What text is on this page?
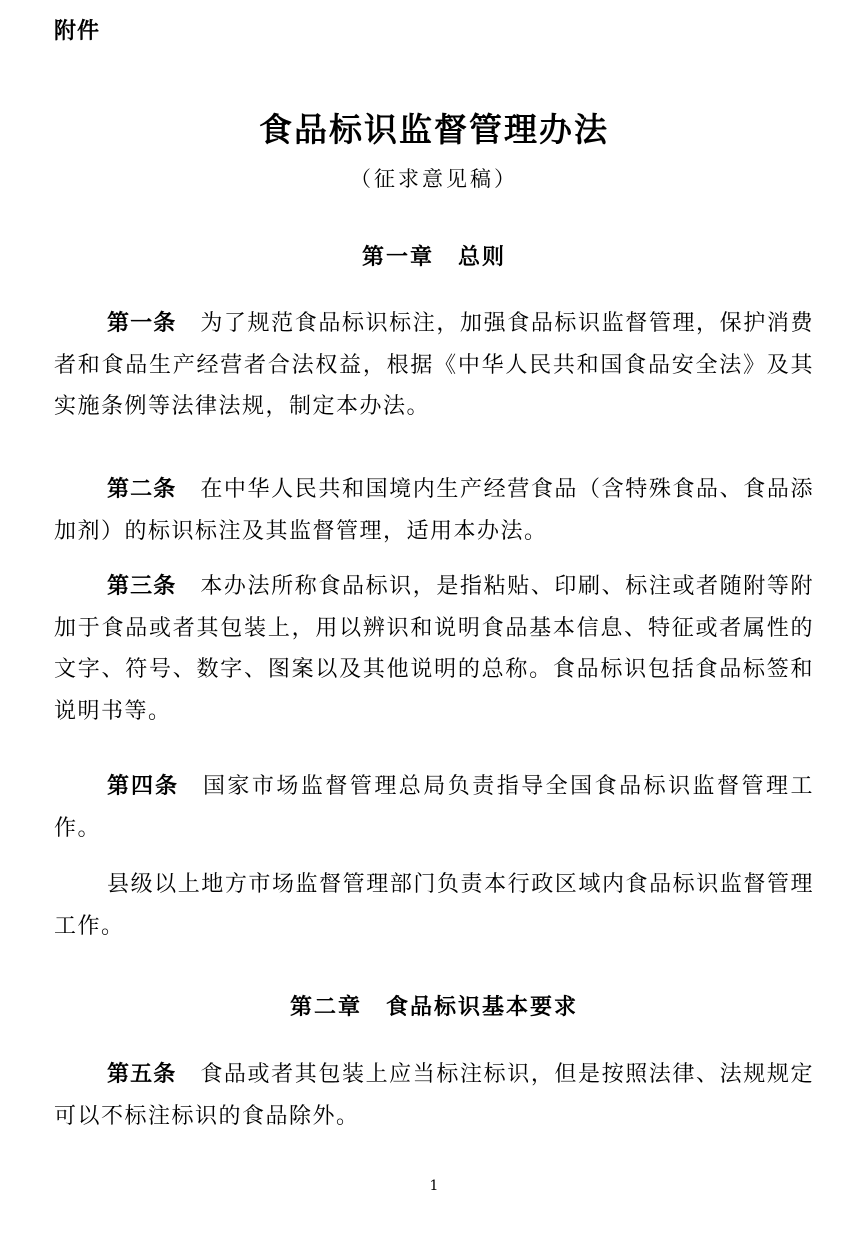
附件
食品标识监督管理办法
（征求意见稿）
第一章　总则

第一条 为了规范食品标识标注，加强食品标识监督管理，保护消费者和食品生产经营者合法权益，根据《中华人民共和国食品安全法》及其实施条例等法律法规，制定本办法。

第二条 在中华人民共和国境内生产经营食品（含特殊食品、食品添加剂）的标识标注及其监督管理，适用本办法。

第三条 本办法所称食品标识，是指粘贴、印刷、标注或者随附等附加于食品或者其包装上，用以辨识和说明食品基本信息、特征或者属性的文字、符号、数字、图案以及其他说明的总称。食品标识包括食品标签和说明书等。

第四条 国家市场监督管理总局负责指导全国食品标识监督管理工作。

县级以上地方市场监督管理部门负责本行政区域内食品标识监督管理工作。

第二章　食品标识基本要求

第五条 食品或者其包装上应当标注标识，但是按照法律、法规规定可以不标注标识的食品除外。

1
